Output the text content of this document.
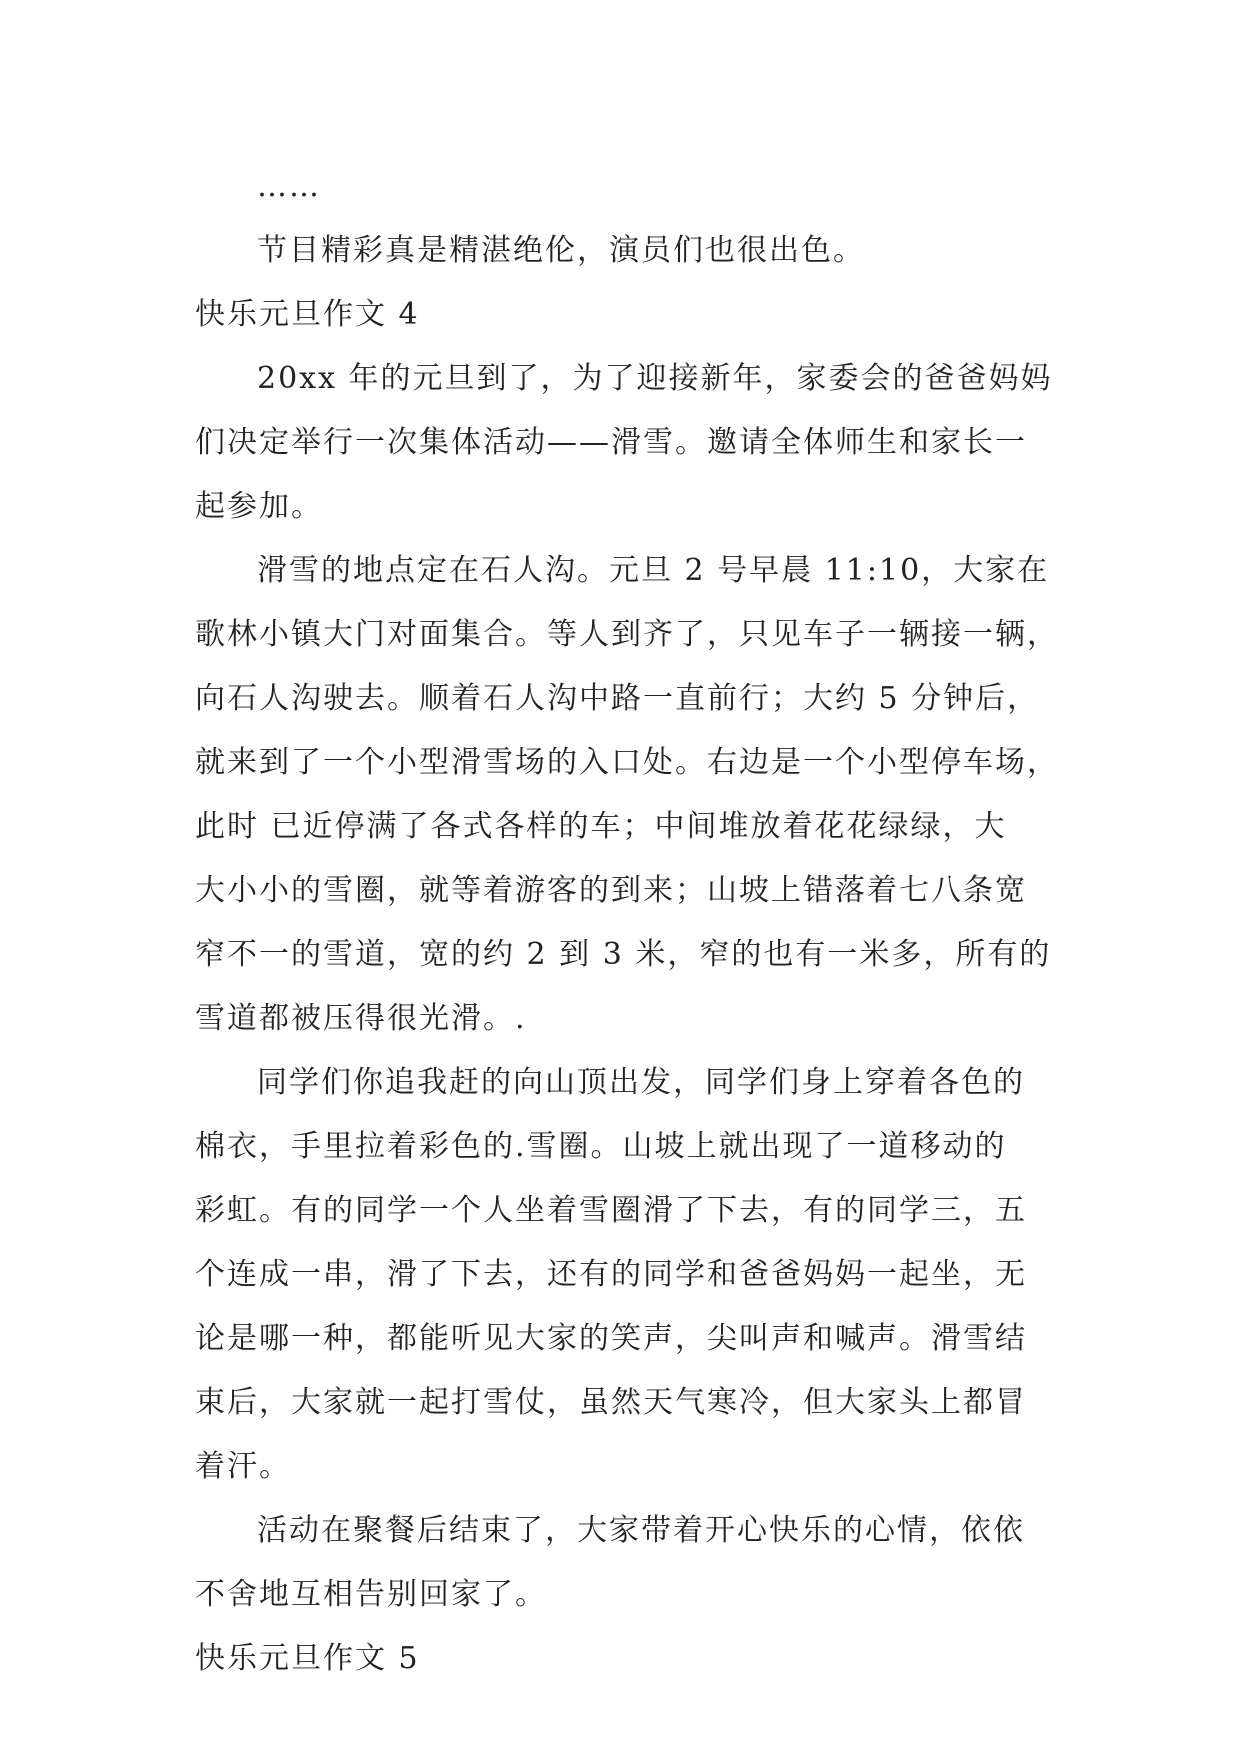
……
节目精彩真是精湛绝伦，演员们也很出色。
快乐元旦作文 4
20xx 年的元旦到了，为了迎接新年，家委会的爸爸妈妈
们决定举行一次集体活动——滑雪。邀请全体师生和家长一
起参加。
滑雪的地点定在石人沟。元旦 2 号早晨 11:10，大家在
歌林小镇大门对面集合。等人到齐了，只见车子一辆接一辆，
向石人沟驶去。顺着石人沟中路一直前行；大约 5 分钟后，
就来到了一个小型滑雪场的入口处。右边是一个小型停车场，
此时 已近停满了各式各样的车；中间堆放着花花绿绿，大
大小小的雪圈，就等着游客的到来；山坡上错落着七八条宽
窄不一的雪道，宽的约 2 到 3 米，窄的也有一米多，所有的
雪道都被压得很光滑。.
同学们你追我赶的向山顶出发，同学们身上穿着各色的
棉衣，手里拉着彩色的.雪圈。山坡上就出现了一道移动的
彩虹。有的同学一个人坐着雪圈滑了下去，有的同学三，五
个连成一串，滑了下去，还有的同学和爸爸妈妈一起坐，无
论是哪一种，都能听见大家的笑声，尖叫声和喊声。滑雪结
束后，大家就一起打雪仗，虽然天气寒冷，但大家头上都冒
着汗。
活动在聚餐后结束了，大家带着开心快乐的心情，依依
不舍地互相告别回家了。
快乐元旦作文 5
